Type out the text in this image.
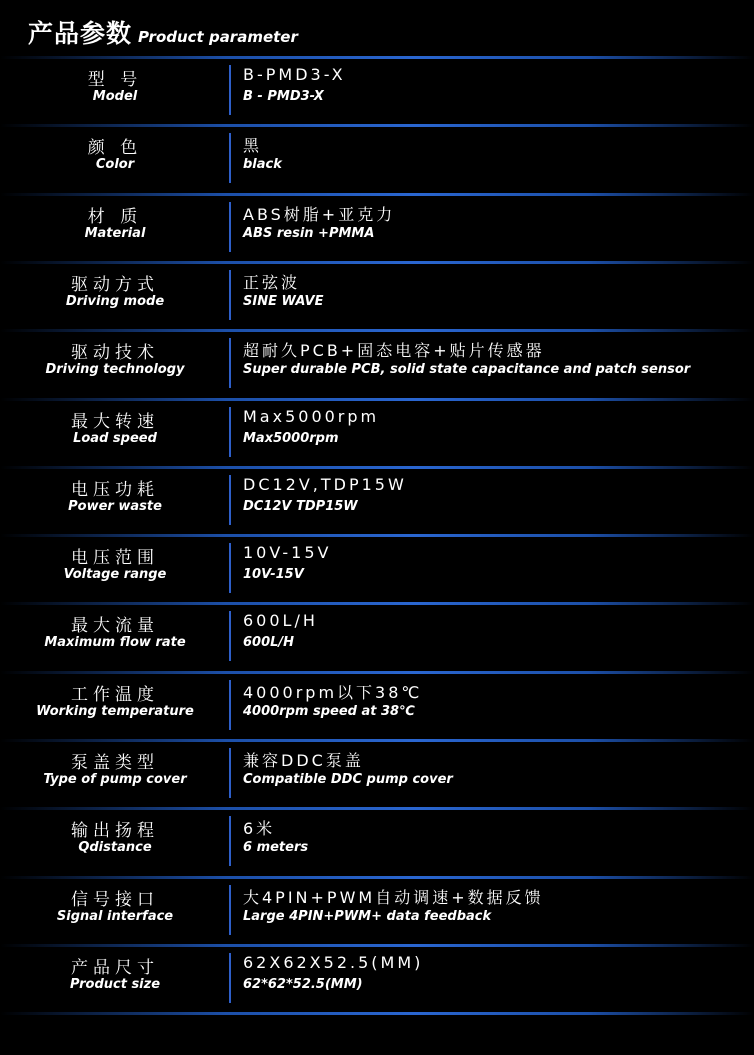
产品参数 Product parameter
型 号
Model
B-PMD3-X
B - PMD3-X
颜 色
Color
黑
black
材 质
Material
ABS树脂+亚克力
ABS resin +PMMA
驱动方式
Driving mode
正弦波
SINE WAVE
驱动技术
Driving technology
超耐久PCB+固态电容+贴片传感器
Super durable PCB, solid state capacitance and patch sensor
最大转速
Load speed
Max5000rpm
Max5000rpm
电压功耗
Power waste
DC12V,TDP15W
DC12V TDP15W
电压范围
Voltage range
10V-15V
10V-15V
最大流量
Maximum flow rate
600L/H
600L/H
工作温度
Working temperature
4000rpm以下38℃
4000rpm speed at 38℃
泵盖类型
Type of pump cover
兼容DDC泵盖
Compatible DDC pump cover
输出扬程
Qdistance
6米
6 meters
信号接口
Signal interface
大4PIN+PWM自动调速+数据反馈
Large 4PIN+PWM+ data feedback
产品尺寸
Product size
62X62X52.5(MM)
62*62*52.5(MM)
